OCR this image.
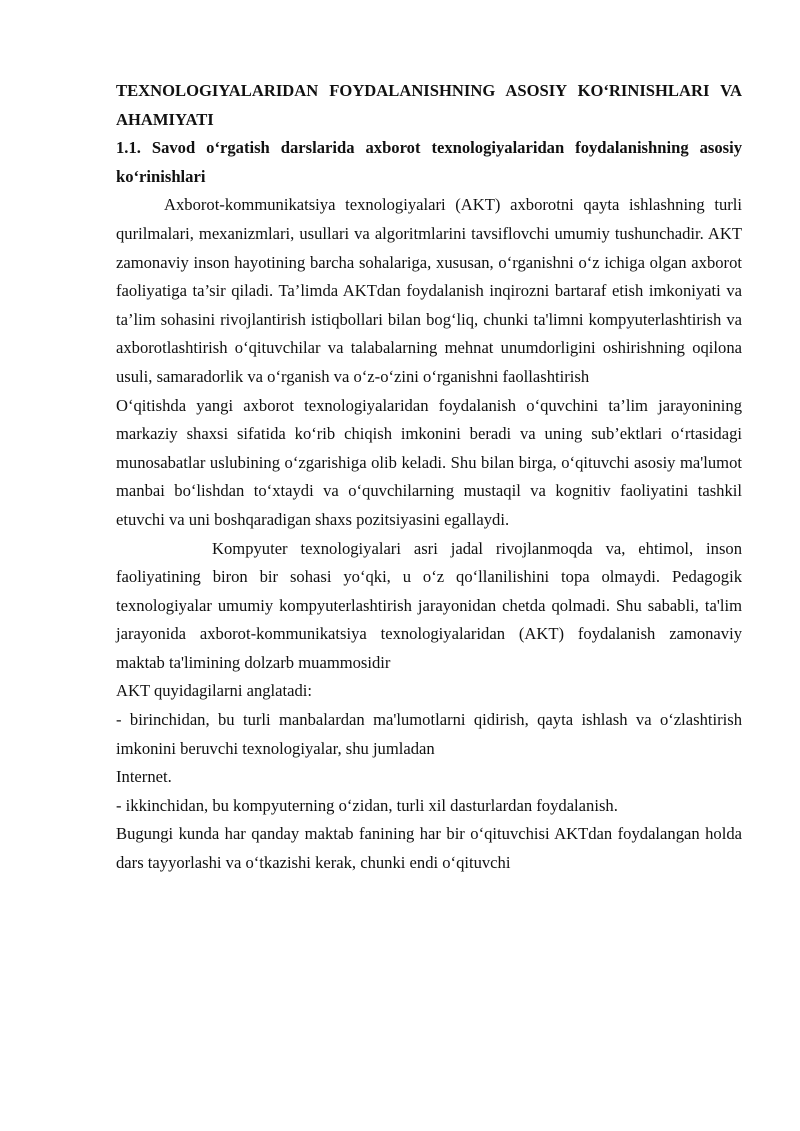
TEXNOLOGIYALARIDAN FOYDALANISHNING ASOSIY KO‘RINISHLARI VA AHAMIYATI

1.1. Savod o‘rgatish darslarida axborot texnologiyalaridan foydalanishning asosiy ko‘rinishlari

Axborot-kommunikatsiya texnologiyalari (AKT) axborotni qayta ishlashning turli qurilmalari, mexanizmlari, usullari va algoritmlarini tavsiflovchi umumiy tushunchadir. AKT zamonaviy inson hayotining barcha sohalariga, xususan, o‘rganishni o‘z ichiga olgan axborot faoliyatiga ta’sir qiladi. Ta’limda AKTdan foydalanish inqirozni bartaraf etish imkoniyati va ta’lim sohasini rivojlantirish istiqbollari bilan bog‘liq, chunki ta'limni kompyuterlashtirish va axborotlashtirish o‘qituvchilar va talabalarning mehnat unumdorligini oshirishning oqilona usuli, samaradorlik va o‘rganish va o‘z-o‘zini o‘rganishni faollashtirish

O‘qitishda yangi axborot texnologiyalaridan foydalanish o‘quvchini ta’lim jarayonining markaziy shaxsi sifatida ko‘rib chiqish imkonini beradi va uning sub’ektlari o‘rtasidagi munosabatlar uslubining o‘zgarishiga olib keladi. Shu bilan birga, o‘qituvchi asosiy ma'lumot manbai bo‘lishdan to‘xtaydi va o‘quvchilarning mustaqil va kognitiv faoliyatini tashkil etuvchi va uni boshqaradigan shaxs pozitsiyasini egallaydi.

Kompyuter texnologiyalari asri jadal rivojlanmoqda va, ehtimol, inson faoliyatining biron bir sohasi yo‘qki, u o‘z qo‘llanilishini topa olmaydi. Pedagogik texnologiyalar umumiy kompyuterlashtirish jarayonidan chetda qolmadi. Shu sababli, ta'lim jarayonida axborot-kommunikatsiya texnologiyalaridan (AKT) foydalanish zamonaviy maktab ta'limining dolzarb muammosidir

AKT quyidagilarni anglatadi:

- birinchidan, bu turli manbalardan ma'lumotlarni qidirish, qayta ishlash va o‘zlashtirish imkonini beruvchi texnologiyalar, shu jumladan

Internet.

- ikkinchidan, bu kompyuterning o‘zidan, turli xil dasturlardan foydalanish.

Bugungi kunda har qanday maktab fanining har bir o‘qituvchisi AKTdan foydalangan holda dars tayyorlashi va o‘tkazishi kerak, chunki endi o‘qituvchi
